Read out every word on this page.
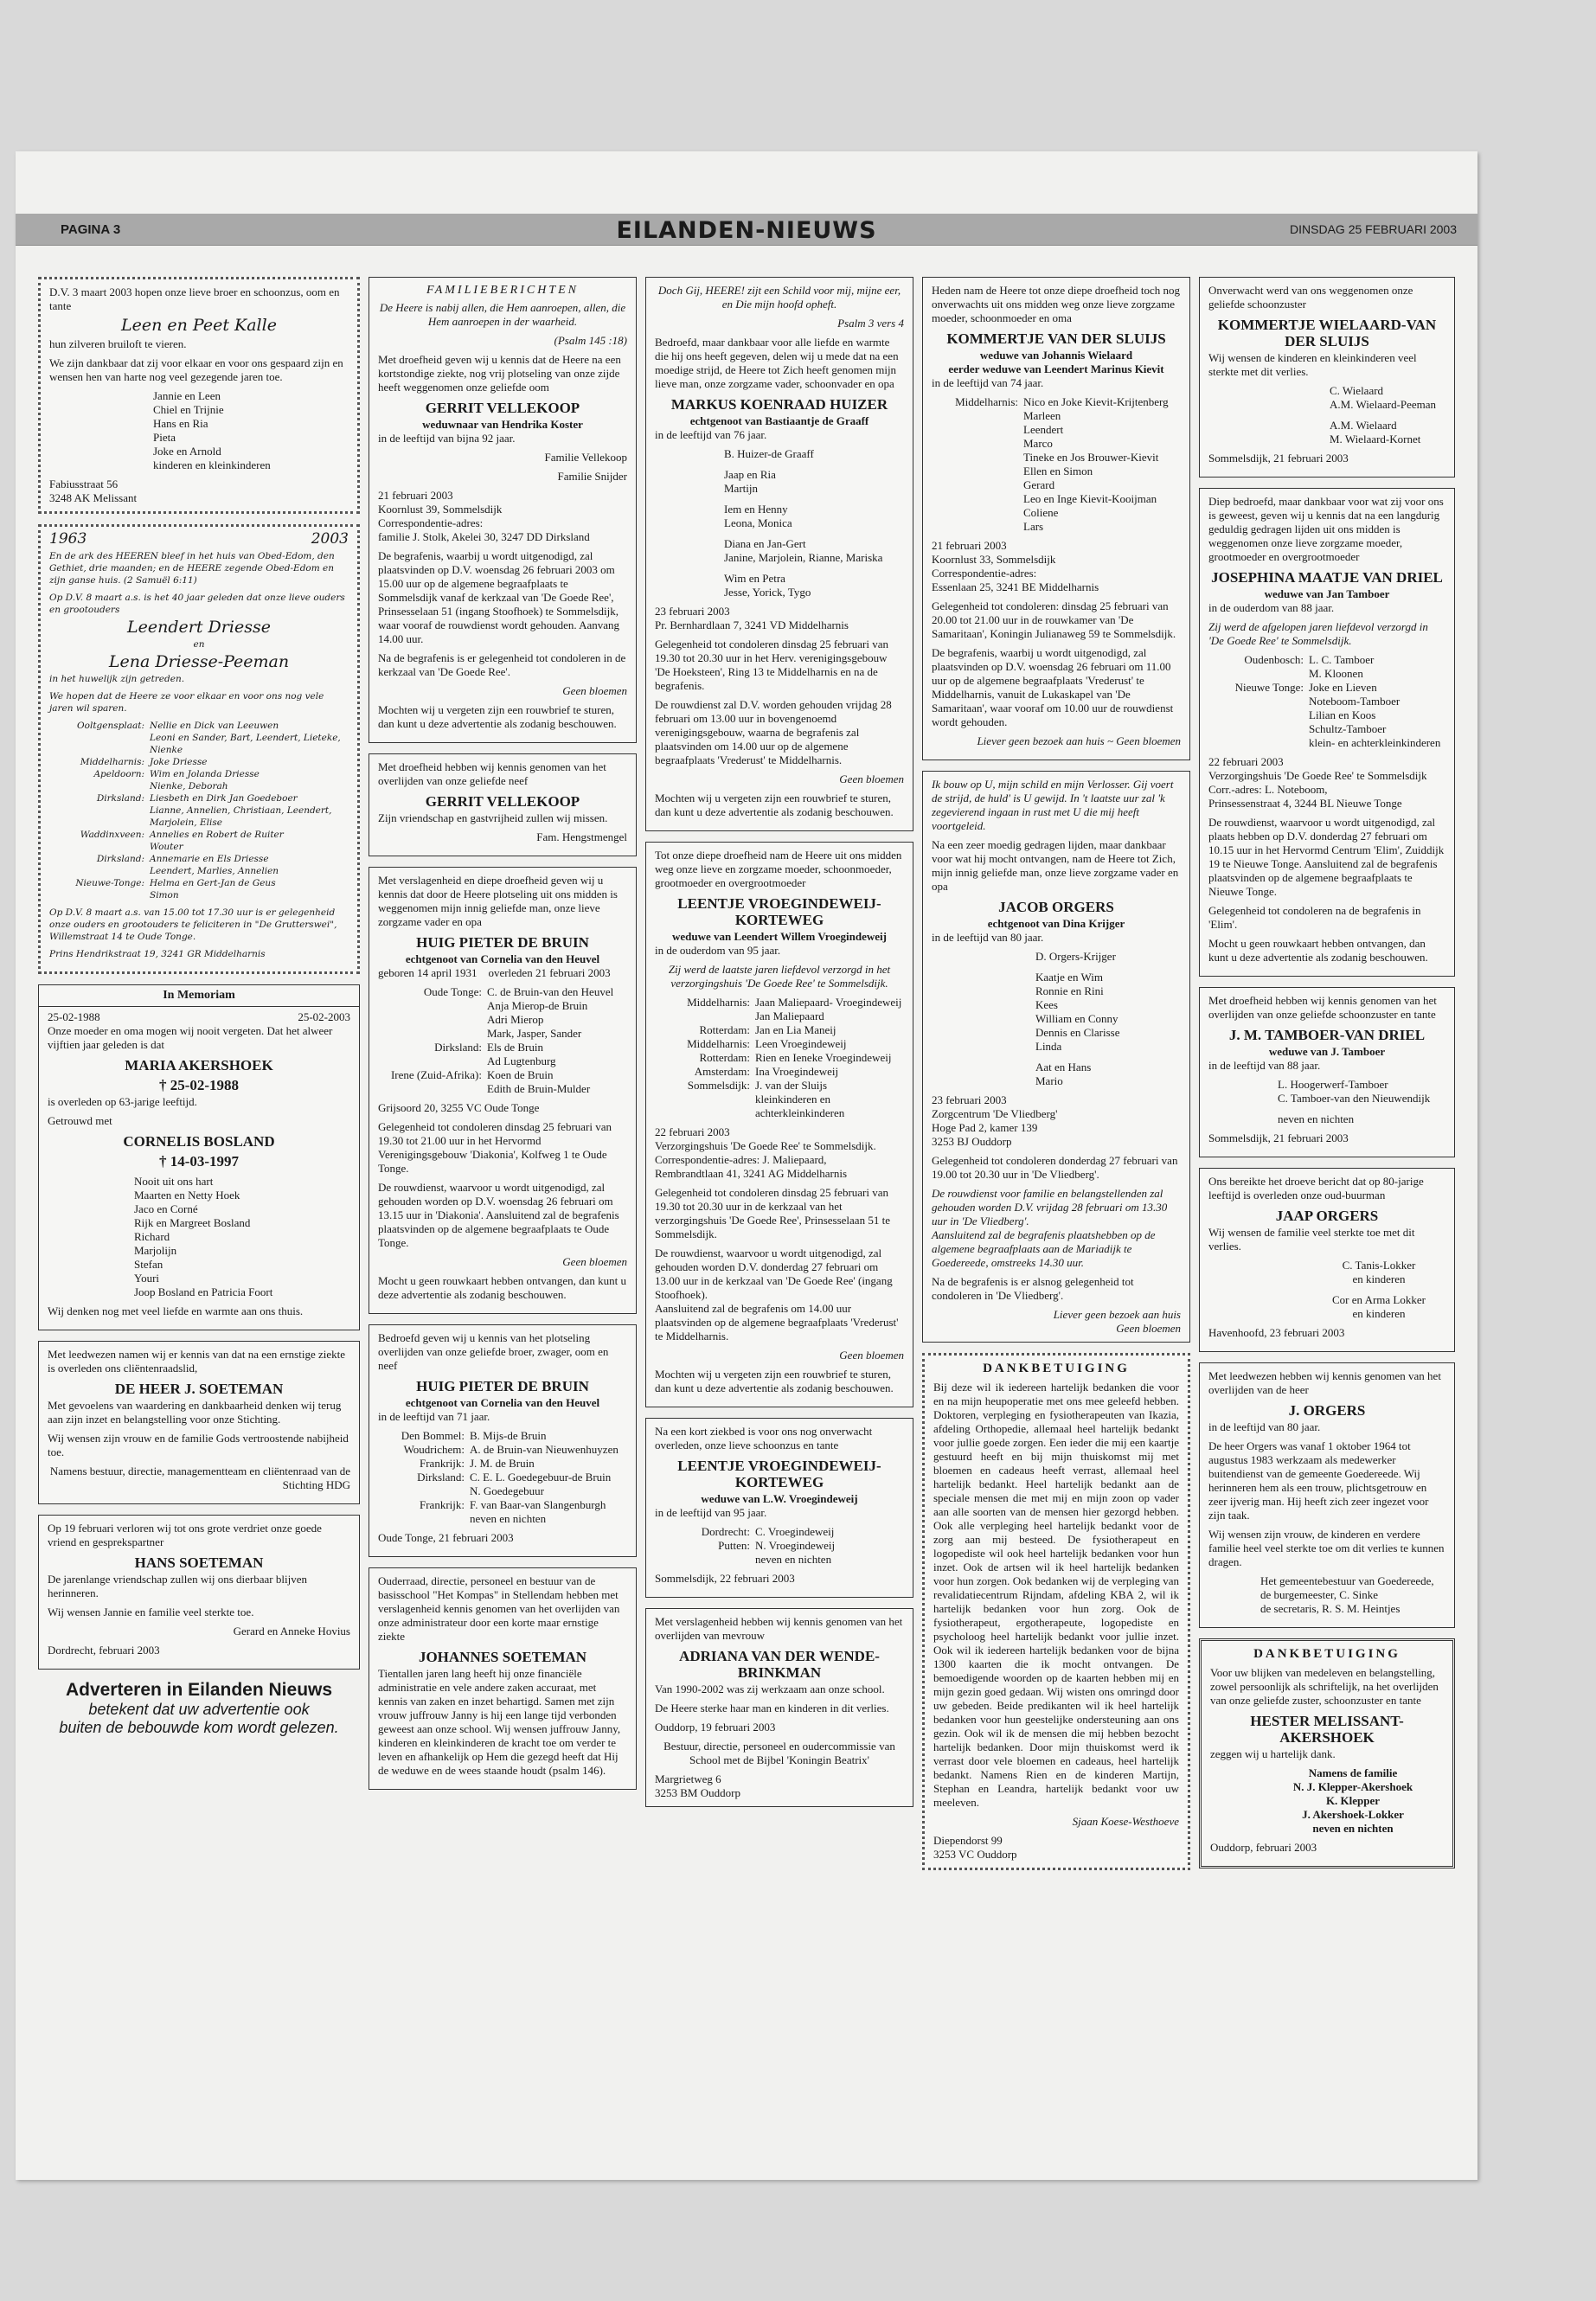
PAGINA 3	EILANDEN-NIEUWS	DINSDAG 25 FEBRUARI 2003

D.V. 3 maart 2003 hopen onze lieve broer en schoonzus, oom en tante

Leen en Peet Kalle

hun zilveren bruiloft te vieren.

We zijn dankbaar dat zij voor elkaar en voor ons gespaard zijn en wensen hen van harte nog veel gezegende jaren toe.

Jannie en Leen
Chiel en Trijnie
Hans en Ria
Pieta
Joke en Arnold
kinderen en kleinkinderen
Fabiusstraat 56
3248 AK Melissant
1963	2003

En de ark des HEEREN bleef in het huis van Obed-Edom, den Gethiet, drie maanden; en de HEERE zegende Obed-Edom en zijn ganse huis. (2 Samuël 6:11)

Op D.V. 8 maart a.s. is het 40 jaar geleden dat onze lieve ouders en grootouders

Leendert Driesse
en
Lena Driesse-Peeman

in het huwelijk zijn getreden.

We hopen dat de Heere ze voor elkaar en voor ons nog vele jaren wil sparen.

Ooltgensplaat: Nellie en Dick van Leeuwen
Leoni en Sander, Bart, Leendert, Lieteke, Nienke
Middelharnis: Joke Driesse
Apeldoorn: Wim en Jolanda Driesse
Nienke, Deborah
Dirksland: Liesbeth en Dirk Jan Goedeboer
Lianne, Annelien, Christiaan, Leendert, Marjolein, Elise
Waddinxveen: Annelies en Robert de Ruiter
Wouter
Dirksland: Annemarie en Els Driesse
Leendert, Marlies, Annelien
Nieuwe-Tonge: Helma en Gert-Jan de Geus
Simon

Op D.V. 8 maart a.s. van 15.00 tot 17.30 uur is er gelegenheid onze ouders en grootouders te feliciteren in "De Grutterswei", Willemstraat 14 te Oude Tonge.

Prins Hendrikstraat 19, 3241 GR Middelharnis

In Memoriam
25-02-1988	25-02-2003

Onze moeder en oma mogen wij nooit vergeten. Dat het alweer vijftien jaar geleden is dat

MARIA AKERSHOEK
† 25-02-1988

is overleden op 63-jarige leeftijd.

Getrouwd met

CORNELIS BOSLAND
† 14-03-1997
Nooit uit ons hart
Maarten en Netty Hoek
Jaco en Corné
Rijk en Margreet Bosland
Richard
Marjolijn
Stefan
Youri
Joop Bosland en Patricia Foort

Wij denken nog met veel liefde en warmte aan ons thuis.

Met leedwezen namen wij er kennis van dat na een ernstige ziekte is overleden ons cliëntenraadslid,

DE HEER J. SOETEMAN

Met gevoelens van waardering en dankbaarheid denken wij terug aan zijn inzet en belangstelling voor onze Stichting.

Wij wensen zijn vrouw en de familie Gods vertroostende nabijheid toe.

Namens bestuur, directie, managementteam en cliëntenraad van de Stichting HDG

Op 19 februari verloren wij tot ons grote verdriet onze goede vriend en gesprekspartner

HANS SOETEMAN

De jarenlange vriendschap zullen wij ons dierbaar blijven herinneren.

Wij wensen Jannie en familie veel sterkte toe.

Gerard en Anneke Hovius

Dordrecht, februari 2003

Adverteren in Eilanden Nieuws
betekent dat uw advertentie ook
buiten de bebouwde kom wordt gelezen.
FAMILIEBERICHTEN

De Heere is nabij allen, die Hem aanroepen, allen, die Hem aanroepen in der waarheid.

(Psalm 145 :18)

Met droefheid geven wij u kennis dat de Heere na een kortstondige ziekte, nog vrij plotseling van onze zijde heeft weggenomen onze geliefde oom

GERRIT VELLEKOOP
weduwnaar van Hendrika Koster

in de leeftijd van bijna 92 jaar.

Familie Vellekoop

Familie Snijder

21 februari 2003
Koornlust 39, Sommelsdijk
Correspondentie-adres:
familie J. Stolk, Akelei 30, 3247 DD Dirksland

De begrafenis, waarbij u wordt uitgenodigd, zal plaatsvinden op D.V. woensdag 26 februari 2003 om 15.00 uur op de algemene begraafplaats te Sommelsdijk vanaf de kerkzaal van 'De Goede Ree', Prinsesselaan 51 (ingang Stoofhoek) te Sommelsdijk, waar vooraf de rouwdienst wordt gehouden. Aanvang 14.00 uur.

Na de begrafenis is er gelegenheid tot condoleren in de kerkzaal van 'De Goede Ree'.

Geen bloemen

Mochten wij u vergeten zijn een rouwbrief te sturen, dan kunt u deze advertentie als zodanig beschouwen.

Met droefheid hebben wij kennis genomen van het overlijden van onze geliefde neef

GERRIT VELLEKOOP

Zijn vriendschap en gastvrijheid zullen wij missen.

Fam. Hengstmengel

Met verslagenheid en diepe droefheid geven wij u kennis dat door de Heere plotseling uit ons midden is weggenomen mijn innig geliefde man, onze lieve zorgzame vader en opa

HUIG PIETER DE BRUIN
echtgenoot van Cornelia van den Heuvel

geboren 14 april 1931    overleden 21 februari 2003

Oude Tonge: C. de Bruin-van den Heuvel
Anja Mierop-de Bruin
Adri Mierop
Mark, Jasper, Sander
Dirksland: Els de Bruin
Ad Lugtenburg
Irene (Zuid-Afrika): Koen de Bruin
Edith de Bruin-Mulder

Grijsoord 20, 3255 VC Oude Tonge

Gelegenheid tot condoleren dinsdag 25 februari van 19.30 tot 21.00 uur in het Hervormd Verenigingsgebouw 'Diakonia', Kolfweg 1 te Oude Tonge.

De rouwdienst, waarvoor u wordt uitgenodigd, zal gehouden worden op D.V. woensdag 26 februari om 13.15 uur in 'Diakonia'. Aansluitend zal de begrafenis plaatsvinden op de algemene begraafplaats te Oude Tonge.

Geen bloemen

Mocht u geen rouwkaart hebben ontvangen, dan kunt u deze advertentie als zodanig beschouwen.

Bedroefd geven wij u kennis van het plotseling overlijden van onze geliefde broer, zwager, oom en neef

HUIG PIETER DE BRUIN
echtgenoot van Cornelia van den Heuvel

in de leeftijd van 71 jaar.

Den Bommel: B. Mijs-de Bruin
Woudrichem: A. de Bruin-van Nieuwenhuyzen
Frankrijk: J. M. de Bruin
Dirksland: C. E. L. Goedegebuur-de Bruin
N. Goedegebuur
Frankrijk: F. van Baar-van Slangenburgh
neven en nichten

Oude Tonge, 21 februari 2003

Ouderraad, directie, personeel en bestuur van de basisschool "Het Kompas" in Stellendam hebben met verslagenheid kennis genomen van het overlijden van onze administrateur door een korte maar ernstige ziekte

JOHANNES SOETEMAN

Tientallen jaren lang heeft hij onze financiële administratie en vele andere zaken accuraat, met kennis van zaken en inzet behartigd. Samen met zijn vrouw juffrouw Janny is hij een lange tijd verbonden geweest aan onze school. Wij wensen juffrouw Janny, kinderen en kleinkinderen de kracht toe om verder te leven en afhankelijk op Hem die gezegd heeft dat Hij de weduwe en de wees staande houdt (psalm 146).

Doch Gij, HEERE! zijt een Schild voor mij, mijne eer, en Die mijn hoofd opheft.

Psalm 3 vers 4

Bedroefd, maar dankbaar voor alle liefde en warmte die hij ons heeft gegeven, delen wij u mede dat na een moedige strijd, de Heere tot Zich heeft genomen mijn lieve man, onze zorgzame vader, schoonvader en opa

MARKUS KOENRAAD HUIZER
echtgenoot van Bastiaantje de Graaff

in de leeftijd van 76 jaar.

B. Huizer-de Graaff
Jaap en Ria
Martijn
Iem en Henny
Leona, Monica
Diana en Jan-Gert
Janine, Marjolein, Rianne, Mariska
Wim en Petra
Jesse, Yorick, Tygo

23 februari 2003
Pr. Bernhardlaan 7, 3241 VD Middelharnis

Gelegenheid tot condoleren dinsdag 25 februari van 19.30 tot 20.30 uur in het Herv. verenigingsgebouw 'De Hoeksteen', Ring 13 te Middelharnis en na de begrafenis.

De rouwdienst zal D.V. worden gehouden vrijdag 28 februari om 13.00 uur in bovengenoemd verenigingsgebouw, waarna de begrafenis zal plaatsvinden om 14.00 uur op de algemene begraafplaats 'Vrederust' te Middelharnis.

Geen bloemen

Mochten wij u vergeten zijn een rouwbrief te sturen, dan kunt u deze advertentie als zodanig beschouwen.

Tot onze diepe droefheid nam de Heere uit ons midden weg onze lieve en zorgzame moeder, schoonmoeder, grootmoeder en overgrootmoeder

LEENTJE VROEGINDEWEIJ-KORTEWEG
weduwe van Leendert Willem Vroegindeweij

in de ouderdom van 95 jaar.

Zij werd de laatste jaren liefdevol verzorgd in het verzorgingshuis 'De Goede Ree' te Sommelsdijk.

Middelharnis: Jaan Maliepaard- Vroegindeweij
Jan Maliepaard
Rotterdam: Jan en Lia Maneij
Middelharnis: Leen Vroegindeweij
Rotterdam: Rien en Ieneke Vroegindeweij
Amsterdam: Ina Vroegindeweij
Sommelsdijk: J. van der Sluijs
kleinkinderen en
achterkleinkinderen

22 februari 2003
Verzorgingshuis 'De Goede Ree' te Sommelsdijk.
Correspondentie-adres: J. Maliepaard,
Rembrandtlaan 41, 3241 AG Middelharnis

Gelegenheid tot condoleren dinsdag 25 februari van 19.30 tot 20.30 uur in de kerkzaal van het verzorgingshuis 'De Goede Ree', Prinsesselaan 51 te Sommelsdijk.

De rouwdienst, waarvoor u wordt uitgenodigd, zal gehouden worden D.V. donderdag 27 februari om 13.00 uur in de kerkzaal van 'De Goede Ree' (ingang Stoofhoek).
Aansluitend zal de begrafenis om 14.00 uur plaatsvinden op de algemene begraafplaats 'Vrederust' te Middelharnis.

Geen bloemen

Mochten wij u vergeten zijn een rouwbrief te sturen, dan kunt u deze advertentie als zodanig beschouwen.

Na een kort ziekbed is voor ons nog onverwacht overleden, onze lieve schoonzus en tante

LEENTJE VROEGINDEWEIJ-KORTEWEG
weduwe van L.W. Vroegindeweij

in de leeftijd van 95 jaar.

Dordrecht: C. Vroegindeweij
Putten: N. Vroegindeweij
neven en nichten

Sommelsdijk, 22 februari 2003

Met verslagenheid hebben wij kennis genomen van het overlijden van mevrouw

ADRIANA VAN DER WENDE-BRINKMAN

Van 1990-2002 was zij werkzaam aan onze school.

De Heere sterke haar man en kinderen in dit verlies.

Ouddorp, 19 februari 2003

Bestuur, directie, personeel en oudercommissie van School met de Bijbel 'Koningin Beatrix'

Margrietweg 6
3253 BM Ouddorp

Heden nam de Heere tot onze diepe droefheid toch nog onverwachts uit ons midden weg onze lieve zorgzame moeder, schoonmoeder en oma

KOMMERTJE VAN DER SLUIJS
weduwe van Johannis Wielaard
eerder weduwe van Leendert Marinus Kievit

in de leeftijd van 74 jaar.

Middelharnis: Nico en Joke Kievit-Krijtenberg
Marleen
Leendert
Marco
Tineke en Jos Brouwer-Kievit
Ellen en Simon
Gerard
Leo en Inge Kievit-Kooijman
Coliene
Lars

21 februari 2003
Koornlust 33, Sommelsdijk
Correspondentie-adres:
Essenlaan 25, 3241 BE Middelharnis

Gelegenheid tot condoleren: dinsdag 25 februari van 20.00 tot 21.00 uur in de rouwkamer van 'De Samaritaan', Koningin Julianaweg 59 te Sommelsdijk.

De begrafenis, waarbij u wordt uitgenodigd, zal plaatsvinden op D.V. woensdag 26 februari om 11.00 uur op de algemene begraafplaats 'Vrederust' te Middelharnis, vanuit de Lukaskapel van 'De Samaritaan', waar vooraf om 10.00 uur de rouwdienst wordt gehouden.

Liever geen bezoek aan huis ~ Geen bloemen

Ik bouw op U, mijn schild en mijn Verlosser. Gij voert de strijd, de huld' is U gewijd. In 't laatste uur zal 'k zegevierend ingaan in rust met U die mij heeft voortgeleid.

Na een zeer moedig gedragen lijden, maar dankbaar voor wat hij mocht ontvangen, nam de Heere tot Zich, mijn innig geliefde man, onze lieve zorgzame vader en opa

JACOB ORGERS
echtgenoot van Dina Krijger

in de leeftijd van 80 jaar.

D. Orgers-Krijger
Kaatje en Wim
Ronnie en Rini
Kees
William en Conny
Dennis en Clarisse
Linda
Aat en Hans
Mario

23 februari 2003
Zorgcentrum 'De Vliedberg'
Hoge Pad 2, kamer 139
3253 BJ Ouddorp

Gelegenheid tot condoleren donderdag 27 februari van 19.00 tot 20.30 uur in 'De Vliedberg'.

De rouwdienst voor familie en belangstellenden zal gehouden worden D.V. vrijdag 28 februari om 13.30 uur in 'De Vliedberg'.
Aansluitend zal de begrafenis plaatshebben op de algemene begraafplaats aan de Mariadijk te Goedereede, omstreeks 14.30 uur.

Na de begrafenis is er alsnog gelegenheid tot condoleren in 'De Vliedberg'.

Liever geen bezoek aan huis
Geen bloemen
DANKBETUIGING

Bij deze wil ik iedereen hartelijk bedanken die voor en na mijn heupoperatie met ons mee geleefd hebben. Doktoren, verpleging en fysiotherapeuten van Ikazia, afdeling Orthopedie, allemaal heel hartelijk bedankt voor jullie goede zorgen. Een ieder die mij een kaartje gestuurd heeft en bij mijn thuiskomst mij met bloemen en cadeaus heeft verrast, allemaal heel hartelijk bedankt. Heel hartelijk bedankt aan de speciale mensen die met mij en mijn zoon op vader aan alle soorten van de mensen hier gezorgd hebben. Ook alle verpleging heel hartelijk bedankt voor de zorg aan mij besteed. De fysiotherapeut en logopediste wil ook heel hartelijk bedanken voor hun inzet. Ook de artsen wil ik heel hartelijk bedanken voor hun zorgen. Ook bedanken wij de verpleging van revalidatiecentrum Rijndam, afdeling KBA 2, wil ik hartelijk bedanken voor hun zorg. Ook de fysiotherapeut, ergotherapeute, logopediste en psycholoog heel hartelijk bedankt voor jullie inzet. Ook wil ik iedereen hartelijk bedanken voor de bijna 1300 kaarten die ik mocht ontvangen. De bemoedigende woorden op de kaarten hebben mij en mijn gezin goed gedaan. Wij wisten ons omringd door uw gebeden. Beide predikanten wil ik heel hartelijk bedanken voor hun geestelijke ondersteuning aan ons gezin. Ook wil ik de mensen die mij hebben bezocht hartelijk bedanken. Door mijn thuiskomst werd ik verrast door vele bloemen en cadeaus, heel hartelijk bedankt. Namens Rien en de kinderen Martijn, Stephan en Leandra, hartelijk bedankt voor uw meeleven.

Sjaan Koese-Westhoeve

Diependorst 99
3253 VC Ouddorp

Onverwacht werd van ons weggenomen onze geliefde schoonzuster

KOMMERTJE WIELAARD-VAN DER SLUIJS

Wij wensen de kinderen en kleinkinderen veel sterkte met dit verlies.

C. Wielaard
A.M. Wielaard-Peeman
A.M. Wielaard
M. Wielaard-Kornet

Sommelsdijk, 21 februari 2003

Diep bedroefd, maar dankbaar voor wat zij voor ons is geweest, geven wij u kennis dat na een langdurig geduldig gedragen lijden uit ons midden is weggenomen onze lieve zorgzame moeder, grootmoeder en overgrootmoeder

JOSEPHINA MAATJE VAN DRIEL
weduwe van Jan Tamboer

in de ouderdom van 88 jaar.

Zij werd de afgelopen jaren liefdevol verzorgd in 'De Goede Ree' te Sommelsdijk.

Oudenbosch: L. C. Tamboer
M. Kloonen
Nieuwe Tonge: Joke en Lieven
Noteboom-Tamboer
Lilian en Koos
Schultz-Tamboer
klein- en achterkleinkinderen

22 februari 2003
Verzorgingshuis 'De Goede Ree' te Sommelsdijk
Corr.-adres: L. Noteboom,
Prinsessenstraat 4, 3244 BL Nieuwe Tonge

De rouwdienst, waarvoor u wordt uitgenodigd, zal plaats hebben op D.V. donderdag 27 februari om 10.15 uur in het Hervormd Centrum 'Elim', Zuiddijk 19 te Nieuwe Tonge. Aansluitend zal de begrafenis plaatsvinden op de algemene begraafplaats te Nieuwe Tonge.

Gelegenheid tot condoleren na de begrafenis in 'Elim'.

Mocht u geen rouwkaart hebben ontvangen, dan kunt u deze advertentie als zodanig beschouwen.

Met droefheid hebben wij kennis genomen van het overlijden van onze geliefde schoonzuster en tante

J. M. TAMBOER-VAN DRIEL
weduwe van J. Tamboer

in de leeftijd van 88 jaar.

L. Hoogerwerf-Tamboer
C. Tamboer-van den Nieuwendijk
neven en nichten

Sommelsdijk, 21 februari 2003

Ons bereikte het droeve bericht dat op 80-jarige leeftijd is overleden onze oud-buurman

JAAP ORGERS

Wij wensen de familie veel sterkte toe met dit verlies.

C. Tanis-Lokker
en kinderen
Cor en Arma Lokker
en kinderen

Havenhoofd, 23 februari 2003

Met leedwezen hebben wij kennis genomen van het overlijden van de heer

J. ORGERS

in de leeftijd van 80 jaar.

De heer Orgers was vanaf 1 oktober 1964 tot augustus 1983 werkzaam als medewerker buitendienst van de gemeente Goedereede. Wij herinneren hem als een trouw, plichtsgetrouw en zeer ijverig man. Hij heeft zich zeer ingezet voor zijn taak.

Wij wensen zijn vrouw, de kinderen en verdere familie heel veel sterkte toe om dit verlies te kunnen dragen.

Het gemeentebestuur van Goedereede,
de burgemeester, C. Sinke
de secretaris, R. S. M. Heintjes

DANKBETUIGING

Voor uw blijken van medeleven en belangstelling, zowel persoonlijk als schriftelijk, na het overlijden van onze geliefde zuster, schoonzuster en tante

HESTER MELISSANT-AKERSHOEK

zeggen wij u hartelijk dank.

Namens de familie
N. J. Klepper-Akershoek
K. Klepper
J. Akershoek-Lokker
neven en nichten

Ouddorp, februari 2003
